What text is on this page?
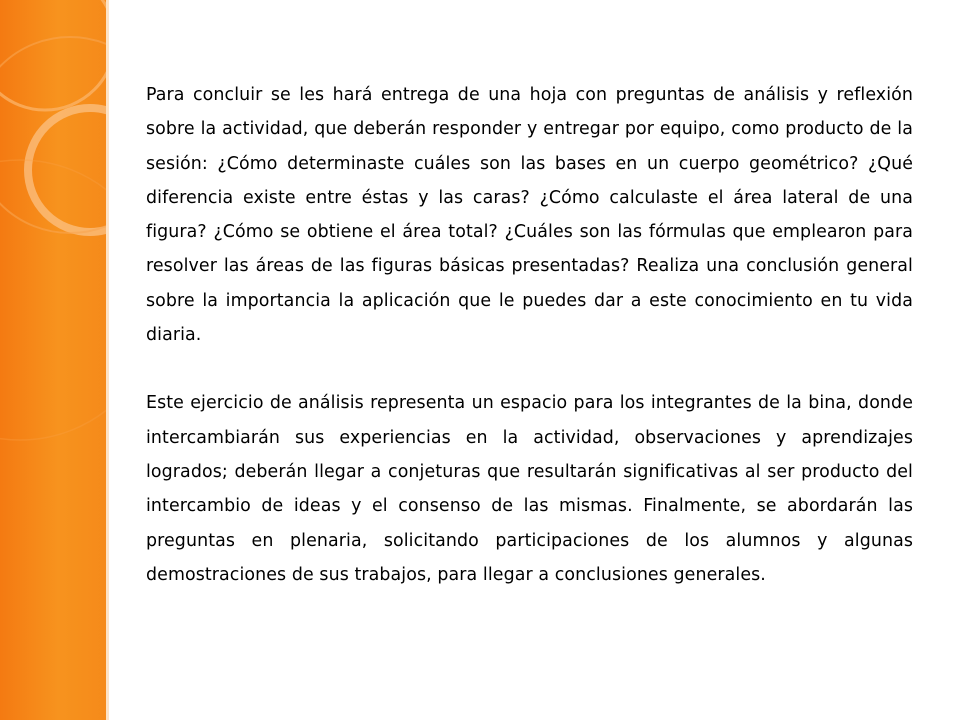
Para concluir se les hará entrega de una hoja con preguntas de análisis y reflexión sobre la actividad, que deberán responder y entregar por equipo, como producto de la sesión: ¿Cómo determinaste cuáles son las bases en un cuerpo geométrico? ¿Qué diferencia existe entre éstas y las caras? ¿Cómo calculaste el área lateral de una figura? ¿Cómo se obtiene el área total? ¿Cuáles son las fórmulas que emplearon para resolver las áreas de las figuras básicas presentadas? Realiza una conclusión general sobre la importancia la aplicación que le puedes dar a este conocimiento en tu vida diaria.

Este ejercicio de análisis representa un espacio para los integrantes de la bina, donde intercambiarán sus experiencias en la actividad, observaciones y aprendizajes logrados; deberán llegar a conjeturas que resultarán significativas al ser producto del intercambio de ideas y el consenso de las mismas. Finalmente, se abordarán las preguntas en plenaria, solicitando participaciones de los alumnos y algunas demostraciones de sus trabajos, para llegar a conclusiones generales.
